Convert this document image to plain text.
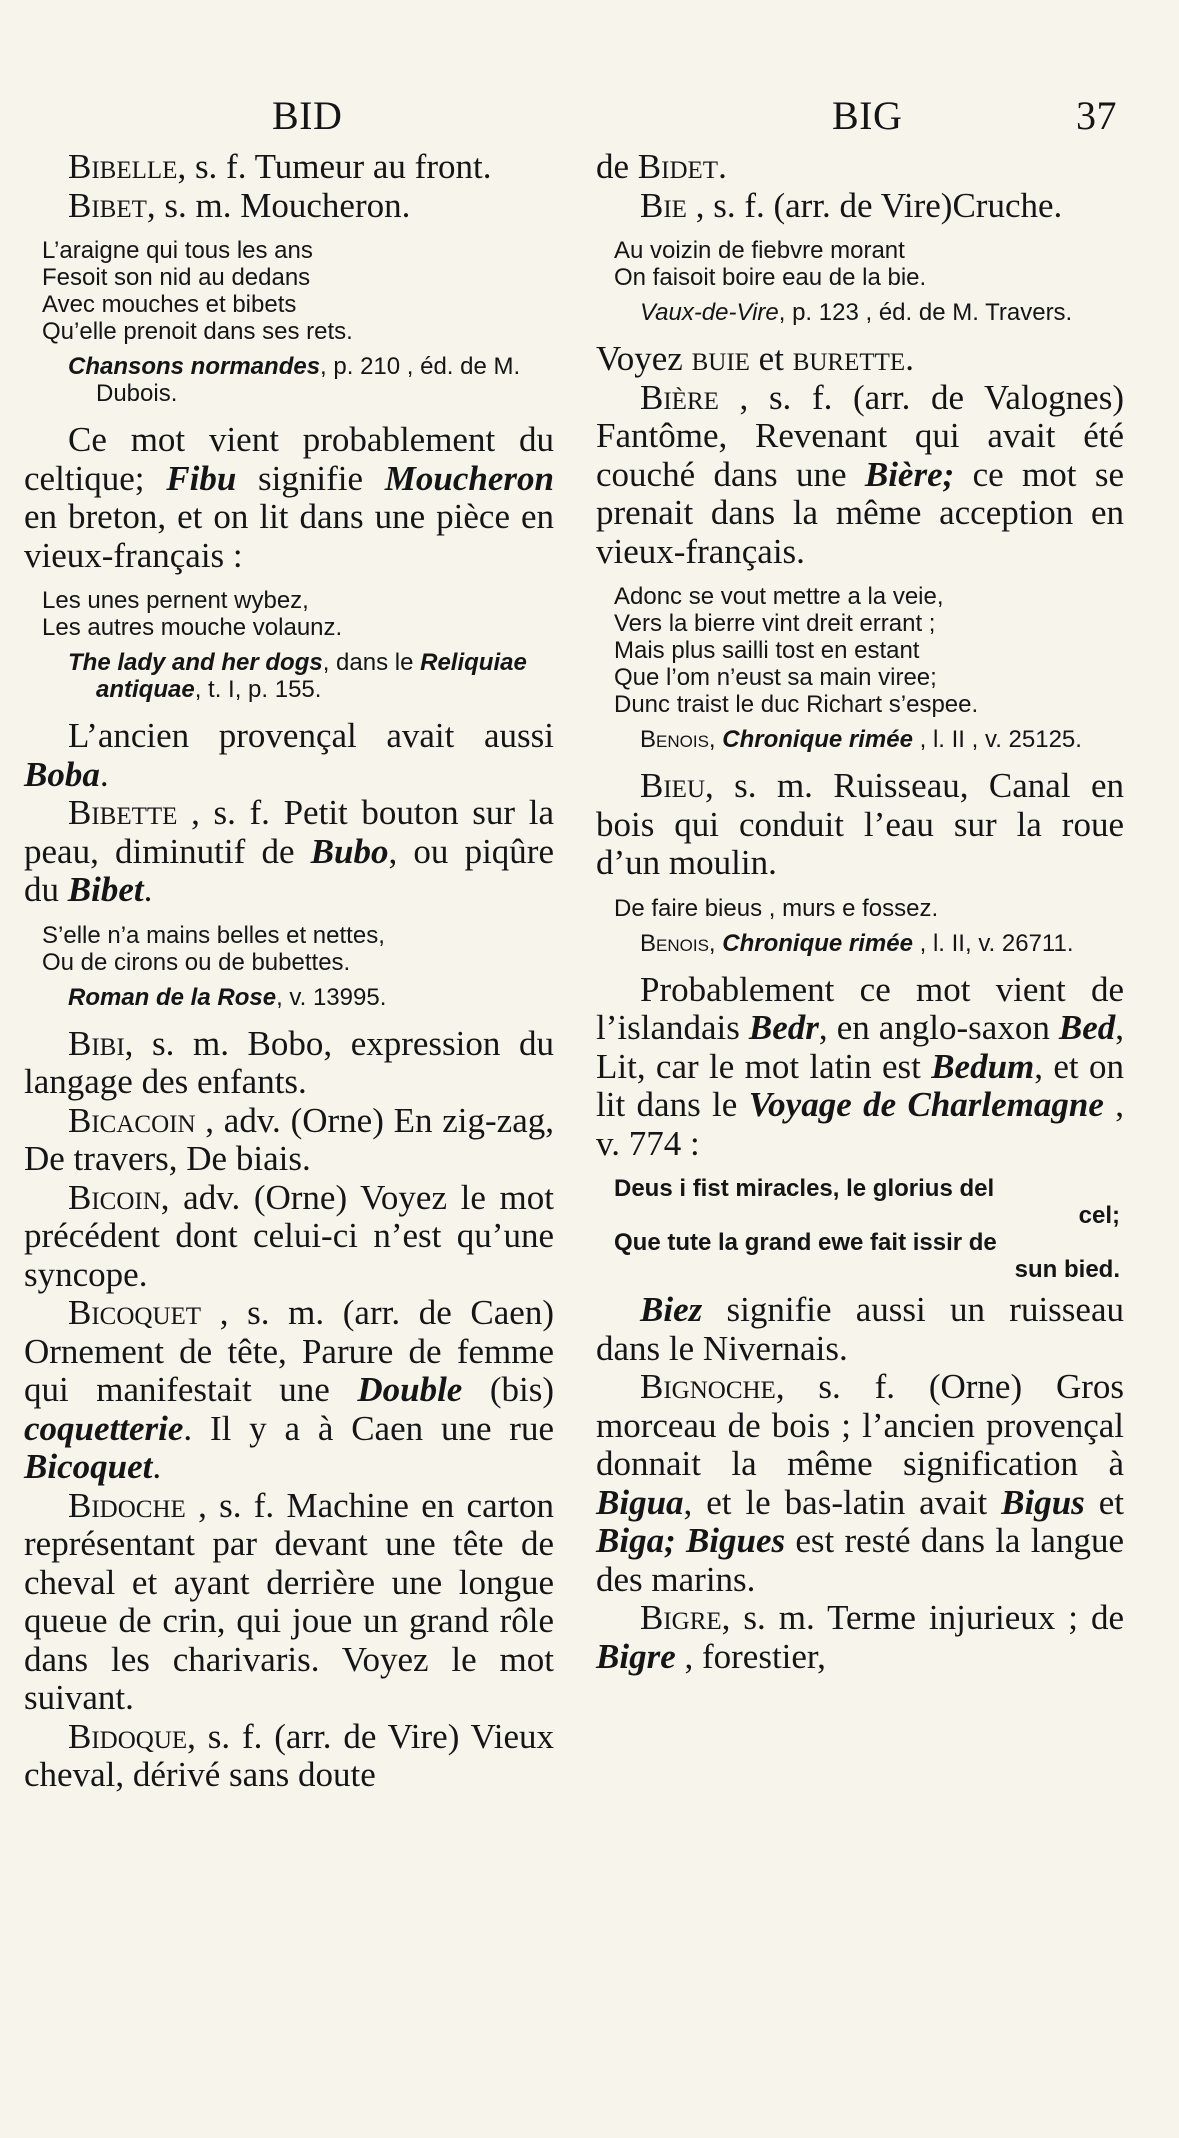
BID	BIG	37

Bibelle, s. f. Tumeur au front.

Bibet, s. m. Moucheron.

L’araigne qui tous les ans
Fesoit son nid au dedans
Avec mouches et bibets
Qu’elle prenoit dans ses rets.
Chansons normandes, p. 210 , éd. de M. Dubois.

Ce mot vient probablement du celtique; Fibu signifie Moucheron en breton, et on lit dans une pièce en vieux-français :

Les unes pernent wybez,
Les autres mouche volaunz.
The lady and her dogs, dans le Reliquiae antiquae, t. I, p. 155.

L’ancien provençal avait aussi Boba.

Bibette , s. f. Petit bouton sur la peau, diminutif de Bubo, ou piqûre du Bibet.

S’elle n’a mains belles et nettes,
Ou de cirons ou de bubettes.
Roman de la Rose, v. 13995.

Bibi, s. m. Bobo, expression du langage des enfants.

Bicacoin , adv. (Orne) En zig-zag, De travers, De biais.

Bicoin, adv. (Orne) Voyez le mot précédent dont celui-ci n’est qu’une syncope.

Bicoquet , s. m. (arr. de Caen) Ornement de tête, Parure de femme qui manifestait une Double (bis) coquetterie. Il y a à Caen une rue Bicoquet.

Bidoche , s. f. Machine en carton représentant par devant une tête de cheval et ayant derrière une longue queue de crin, qui joue un grand rôle dans les charivaris. Voyez le mot suivant.

Bidoque, s. f. (arr. de Vire) Vieux cheval, dérivé sans doute

de Bidet.

Bie , s. f. (arr. de Vire)Cruche.

Au voizin de fiebvre morant
On faisoit boire eau de la bie.
Vaux-de-Vire, p. 123 , éd. de M. Travers.

Voyez buie et burette.

Bière , s. f. (arr. de Valognes) Fantôme, Revenant qui avait été couché dans une Bière; ce mot se prenait dans la même acception en vieux-français.

Adonc se vout mettre a la veie,
Vers la bierre vint dreit errant ;
Mais plus sailli tost en estant
Que l’om n’eust sa main viree;
Dunc traist le duc Richart s’espee.
Benois, Chronique rimée , l. II , v. 25125.

Bieu, s. m. Ruisseau, Canal en bois qui conduit l’eau sur la roue d’un moulin.

De faire bieus , murs e fossez.
Benois, Chronique rimée , l. II, v. 26711.

Probablement ce mot vient de l’islandais Bedr, en anglo-saxon Bed, Lit, car le mot latin est Bedum, et on lit dans le Voyage de Charlemagne , v. 774 :

Deus i fist miracles, le glorius del
cel;
Que tute la grand ewe fait issir de
sun bied.

Biez signifie aussi un ruisseau dans le Nivernais.

Bignoche, s. f. (Orne) Gros morceau de bois ; l’ancien provençal donnait la même signification à Bigua, et le bas-latin avait Bigus et Biga; Bigues est resté dans la langue des marins.

Bigre, s. m. Terme injurieux ; de Bigre , forestier,
